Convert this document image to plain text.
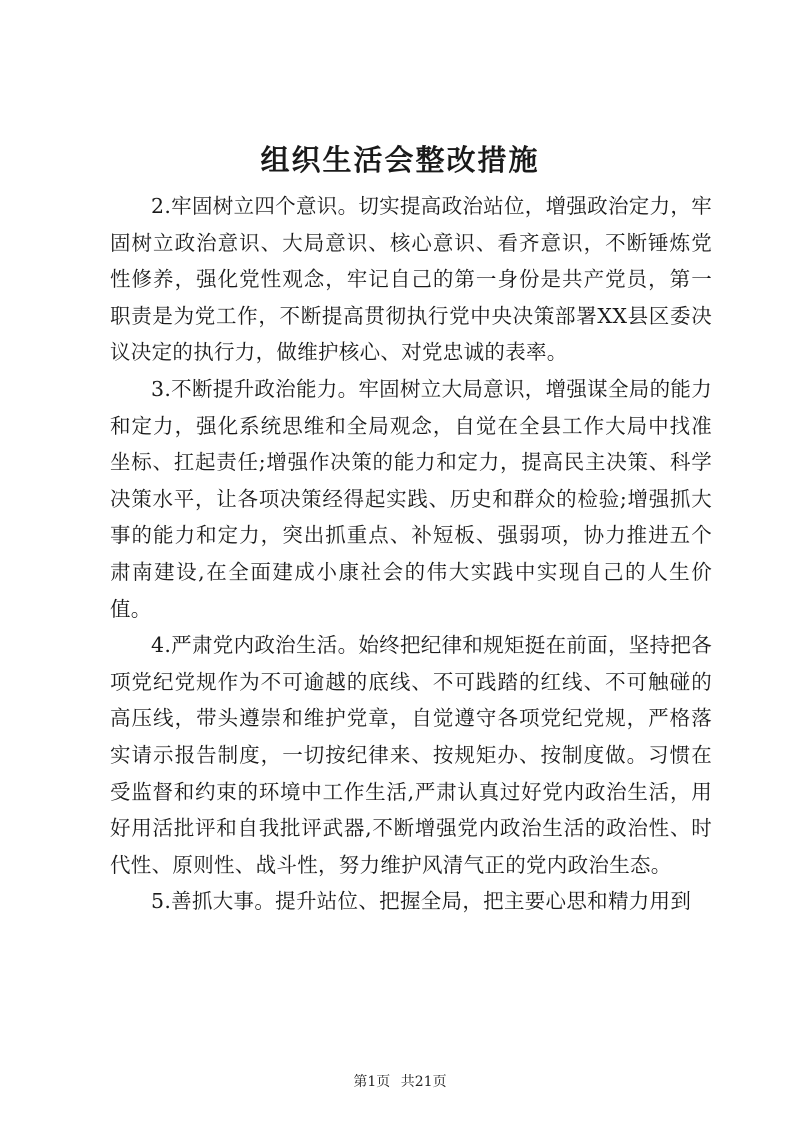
组织生活会整改措施

2.牢固树立四个意识。切实提高政治站位，增强政治定力，牢固树立政治意识、大局意识、核心意识、看齐意识，不断锤炼党性修养，强化党性观念，牢记自己的第一身份是共产党员，第一职责是为党工作，不断提高贯彻执行党中央决策部署XX县区委决议决定的执行力，做维护核心、对党忠诚的表率。

3.不断提升政治能力。牢固树立大局意识，增强谋全局的能力和定力，强化系统思维和全局观念，自觉在全县工作大局中找准坐标、扛起责任;增强作决策的能力和定力，提高民主决策、科学决策水平，让各项决策经得起实践、历史和群众的检验;增强抓大事的能力和定力，突出抓重点、补短板、强弱项，协力推进五个肃南建设,在全面建成小康社会的伟大实践中实现自己的人生价值。

4.严肃党内政治生活。始终把纪律和规矩挺在前面，坚持把各项党纪党规作为不可逾越的底线、不可践踏的红线、不可触碰的高压线，带头遵崇和维护党章，自觉遵守各项党纪党规，严格落实请示报告制度，一切按纪律来、按规矩办、按制度做。习惯在受监督和约束的环境中工作生活,严肃认真过好党内政治生活，用好用活批评和自我批评武器,不断增强党内政治生活的政治性、时代性、原则性、战斗性，努力维护风清气正的党内政治生态。

5.善抓大事。提升站位、把握全局，把主要心思和精力用到

第1页 共21页
